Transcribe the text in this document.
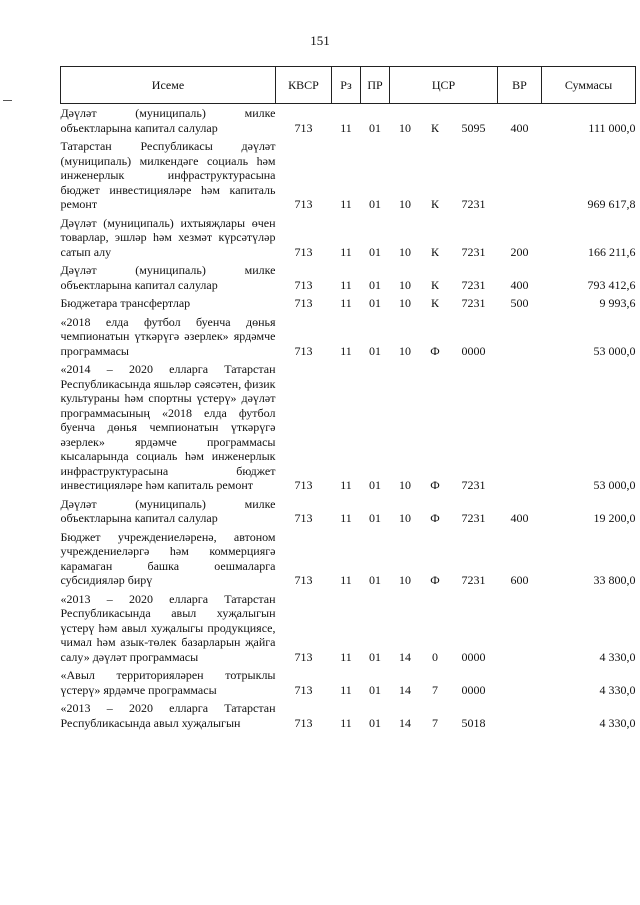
151
Исеме	КВСР	Рз	ПР	ЦСР			ВР	Суммасы
Дәүләт (муниципаль) милке объектларына капитал салулар	713	11	01	10	К	5095	400	111 000,0
Татарстан Республикасы дәүләт (муниципаль) милкендәге социаль һәм инженерлык инфраструктурасына бюджет инвестицияләре һәм капиталь ремонт	713	11	01	10	К	7231		969 617,8
Дәүләт (муниципаль) ихтыяҗлары өчен товарлар, эшләр һәм хезмәт күрсәтүләр сатып алу	713	11	01	10	К	7231	200	166 211,6
Дәүләт (муниципаль) милке объектларына капитал салулар	713	11	01	10	К	7231	400	793 412,6
Бюджетара трансфертлар	713	11	01	10	К	7231	500	9 993,6
«2018 елда футбол буенча дөнья чемпионатын үткәрүгә әзерлек» ярдәмче программасы	713	11	01	10	Ф	0000		53 000,0
«2014 – 2020 елларга Татарстан Республикасында яшьләр сәясәтен, физик культураны һәм спортны үстерү» дәүләт программасының «2018 елда футбол буенча дөнья чемпионатын үткәрүгә әзерлек» ярдәмче программасы кысаларында социаль һәм инженерлык инфраструктурасына бюджет инвестицияләре һәм капиталь ремонт	713	11	01	10	Ф	7231		53 000,0
Дәүләт (муниципаль) милке объектларына капитал салулар	713	11	01	10	Ф	7231	400	19 200,0
Бюджет учреждениеләренә, автоном учреждениеләргә һәм коммерциягә карамаган башка оешмаларга субсидияләр бирү	713	11	01	10	Ф	7231	600	33 800,0
«2013 – 2020 елларга Татарстан Республикасында авыл хуҗалыгын үстерү һәм авыл хуҗалыгы продукциясе, чимал һәм азык-төлек базарларын җайга салу» дәүләт программасы	713	11	01	14	0	0000		4 330,0
«Авыл территорияләрен тотрыклы үстерү» ярдәмче программасы	713	11	01	14	7	0000		4 330,0
«2013 – 2020 елларга Татарстан Республикасында авыл хуҗалыгын	713	11	01	14	7	5018		4 330,0
